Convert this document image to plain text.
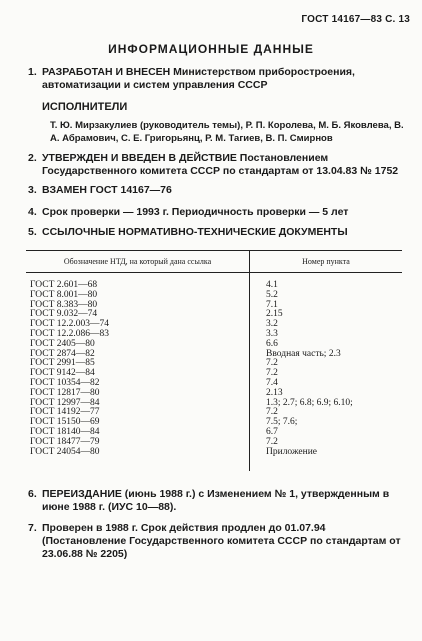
ГОСТ 14167—83 С. 13
ИНФОРМАЦИОННЫЕ ДАННЫЕ
1. РАЗРАБОТАН И ВНЕСЕН Министерством приборостроения, автоматизации и систем управления СССР
ИСПОЛНИТЕЛИ
Т. Ю. Мирзакулиев (руководитель темы), Р. П. Королева, М. Б. Яковлева, В. А. Абрамович, С. Е. Григорьянц, Р. М. Тагиев, В. П. Смирнов
2. УТВЕРЖДЕН И ВВЕДЕН В ДЕЙСТВИЕ Постановлением Государственного комитета СССР по стандартам от 13.04.83 № 1752
3. ВЗАМЕН ГОСТ 14167—76
4. Срок проверки — 1993 г. Периодичность проверки — 5 лет
5. ССЫЛОЧНЫЕ НОРМАТИВНО-ТЕХНИЧЕСКИЕ ДОКУМЕНТЫ
Обозначение НТД, на который дана ссылка	Номер пункта

ГОСТ 2.601—68	4.1
ГОСТ 8.001—80	5.2
ГОСТ 8.383—80	7.1
ГОСТ 9.032—74	2.15
ГОСТ 12.2.003—74	3.2
ГОСТ 12.2.086—83	3.3
ГОСТ 2405—80	6.6
ГОСТ 2874—82	Вводная часть; 2.3
ГОСТ 2991—85	7.2
ГОСТ 9142—84	7.2
ГОСТ 10354—82	7.4
ГОСТ 12817—80	2.13
ГОСТ 12997—84	1.3; 2.7; 6.8; 6.9; 6.10;
ГОСТ 14192—77	7.2
ГОСТ 15150—69	7.5; 7.6;
ГОСТ 18140—84	6.7
ГОСТ 18477—79	7.2
ГОСТ 24054—80	Приложение
6. ПЕРЕИЗДАНИЕ (июнь 1988 г.) с Изменением № 1, утвержденным в июне 1988 г. (ИУС 10—88).
7. Проверен в 1988 г. Срок действия продлен до 01.07.94 (Постановление Государственного комитета СССР по стандартам от 23.06.88 № 2205)
